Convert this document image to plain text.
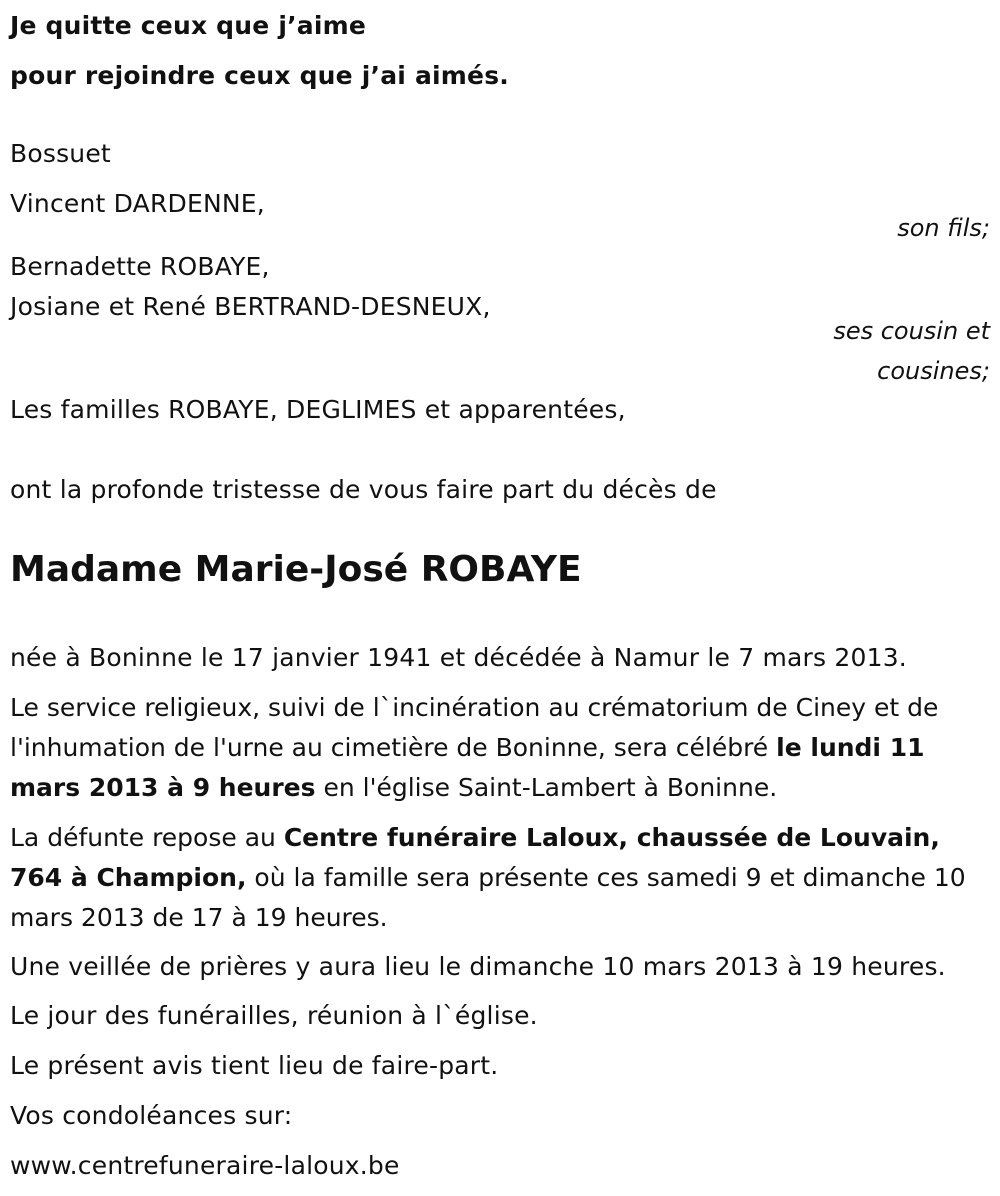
Je quitte ceux que j’aime
pour rejoindre ceux que j’ai aimés.
Bossuet
Vincent DARDENNE,
son fils;
Bernadette ROBAYE,
Josiane et René BERTRAND-DESNEUX,
ses cousin et
cousines;
Les familles ROBAYE, DEGLIMES et apparentées,
ont la profonde tristesse de vous faire part du décès de
Madame Marie-José ROBAYE
née à Boninne le 17 janvier 1941 et décédée à Namur le 7 mars 2013.
Le service religieux, suivi de l`incinération au crématorium de Ciney et de l'inhumation de l'urne au cimetière de Boninne, sera célébré le lundi 11 mars 2013 à 9 heures en l'église Saint-Lambert à Boninne.
La défunte repose au Centre funéraire Laloux, chaussée de Louvain, 764 à Champion, où la famille sera présente ces samedi 9 et dimanche 10 mars 2013 de 17 à 19 heures.
Une veillée de prières y aura lieu le dimanche 10 mars 2013 à 19 heures.
Le jour des funérailles, réunion à l`église.
Le présent avis tient lieu de faire-part.
Vos condoléances sur:
www.centrefuneraire-laloux.be
